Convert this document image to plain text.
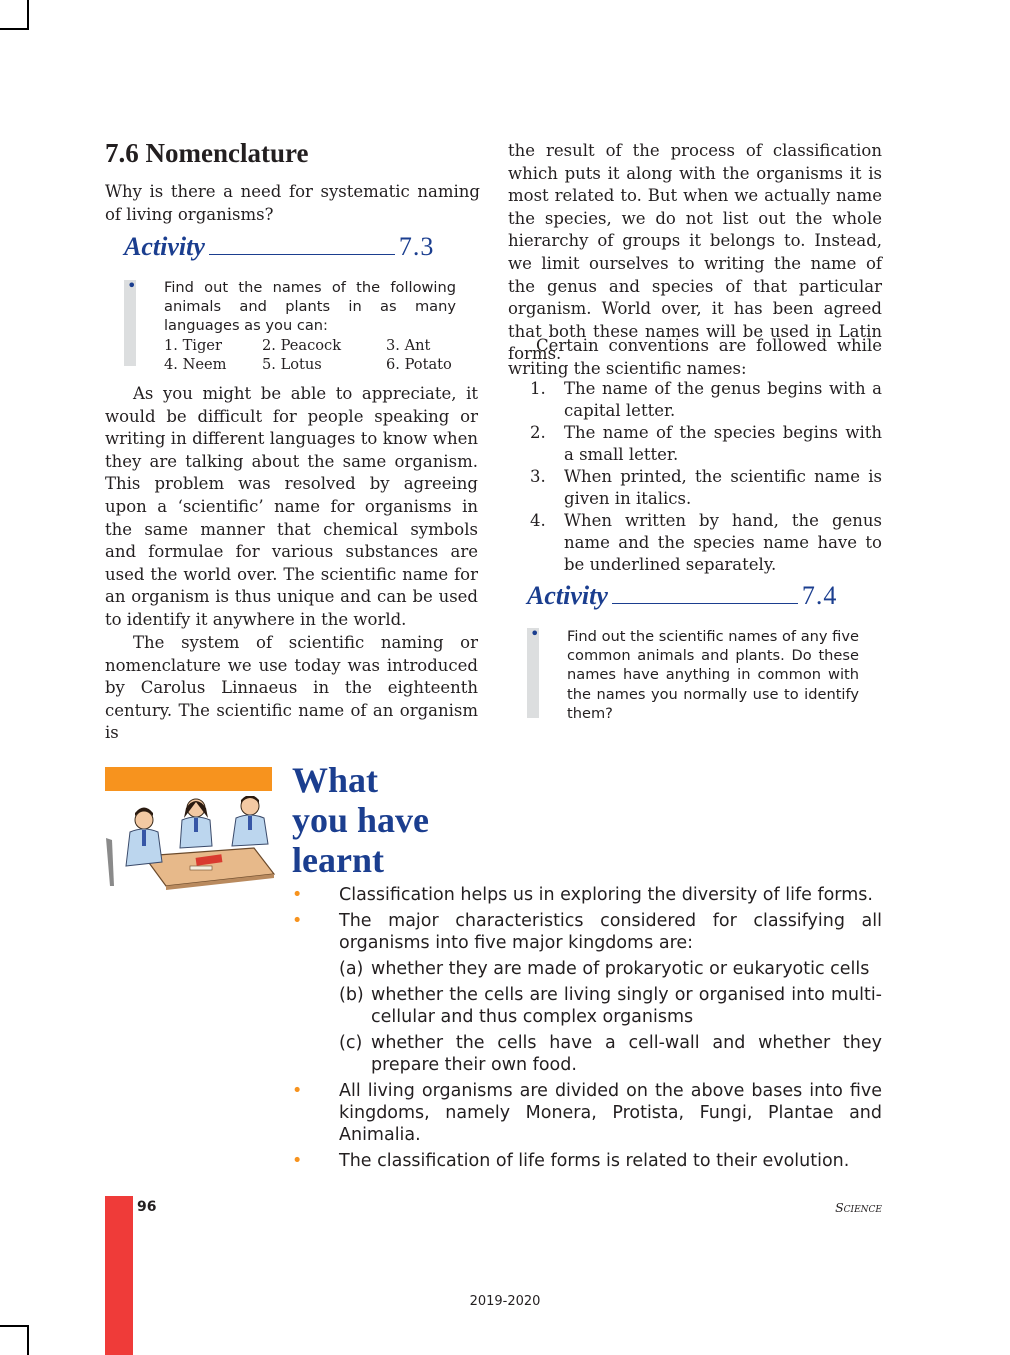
7.6 Nomenclature

Why is there a need for systematic naming of living organisms?

Activity	7.3
• Find out the names of the following animals and plants in as many languages as you can:

1. Tiger	2. Peacock	3. Ant
4. Neem	5. Lotus	6. Potato

As you might be able to appreciate, it would be difficult for people speaking or writing in different languages to know when they are talking about the same organism. This problem was resolved by agreeing upon a ‘scientific’ name for organisms in the same manner that chemical symbols and formulae for various substances are used the world over. The scientific name for an organism is thus unique and can be used to identify it anywhere in the world.

The system of scientific naming or nomenclature we use today was introduced by Carolus Linnaeus in the eighteenth century. The scientific name of an organism is

the result of the process of classification which puts it along with the organisms it is most related to. But when we actually name the species, we do not list out the whole hierarchy of groups it belongs to. Instead, we limit ourselves to writing the name of the genus and species of that particular organism. World over, it has been agreed that both these names will be used in Latin forms.

Certain conventions are followed while writing the scientific names:

1. The name of the genus begins with a capital letter.
2. The name of the species begins with a small letter.
3. When printed, the scientific name is given in italics.
4. When written by hand, the genus name and the species name have to be underlined separately.
Activity	7.4
• Find out the scientific names of any five common animals and plants. Do these names have anything in common with the names you normally use to identify them?

What
you have
learnt
• Classification helps us in exploring the diversity of life forms.
• The major characteristics considered for classifying all organisms into five major kingdoms are:
(a) whether they are made of prokaryotic or eukaryotic cells
(b) whether the cells are living singly or organised into multi-cellular and thus complex organisms
(c) whether the cells have a cell-wall and whether they prepare their own food.
• All living organisms are divided on the above bases into five kingdoms, namely Monera, Protista, Fungi, Plantae and Animalia.
• The classification of life forms is related to their evolution.
96	Science
2019-2020
